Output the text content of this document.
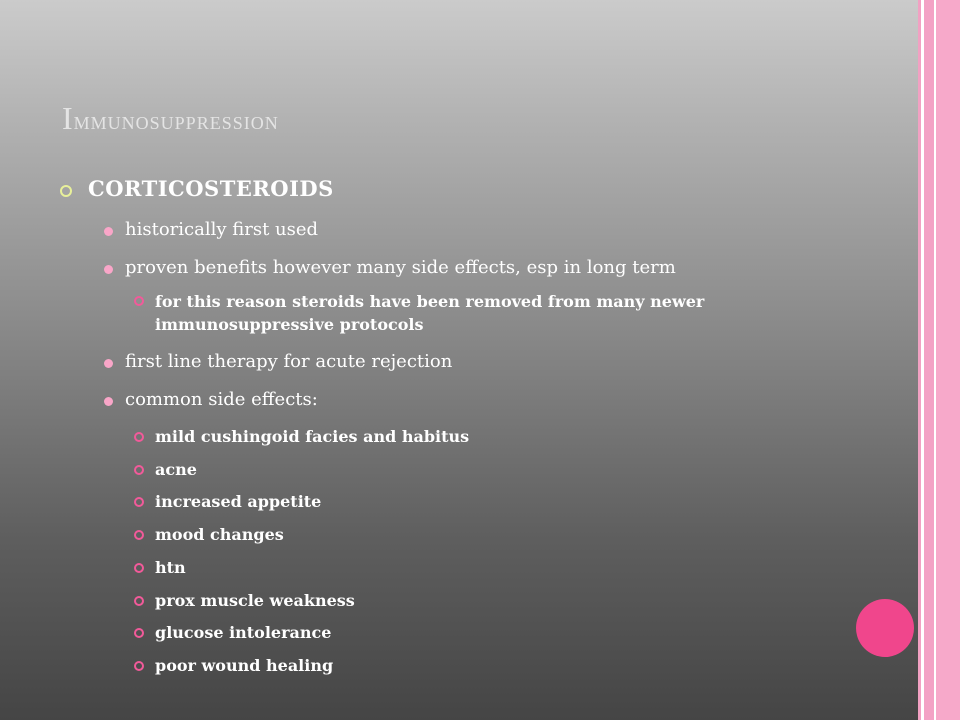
Immunosuppression
CORTICOSTEROIDS
historically first used
proven benefits however many side effects, esp in long term
for this reason steroids have been removed from many newer
immunosuppressive protocols
first line therapy for acute rejection
common side effects:
mild cushingoid facies and habitus
acne
increased appetite
mood changes
htn
prox muscle weakness
glucose intolerance
poor wound healing
